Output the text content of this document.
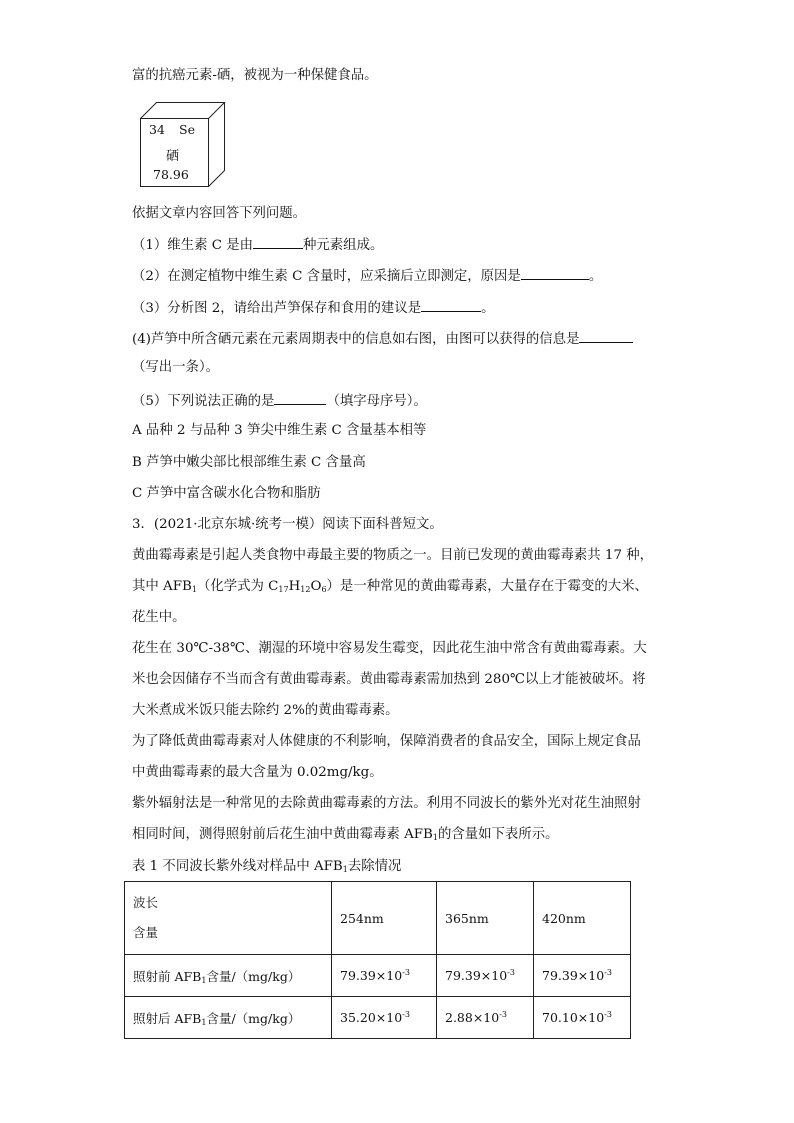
富的抗癌元素-硒，被视为一种保健食品。
34 Se
硒
78.96
依据文章内容回答下列问题。
（1）维生素 C 是由	种元素组成。
（2）在测定植物中维生素 C 含量时，应采摘后立即测定，原因是	。
（3）分析图 2，请给出芦笋保存和食用的建议是	。
(4)芦笋中所含硒元素在元素周期表中的信息如右图，由图可以获得的信息是
（写出一条）。
（5）下列说法正确的是	（填字母序号）。
A 品种 2 与品种 3 笋尖中维生素 C 含量基本相等
B 芦笋中嫩尖部比根部维生素 C 含量高
C 芦笋中富含碳水化合物和脂肪
3．(2021·北京东城·统考一模）阅读下面科普短文。
黄曲霉毒素是引起人类食物中毒最主要的物质之一。目前已发现的黄曲霉毒素共 17 种，
其中 $AFB_1$（化学式为 $C_{17}H_{12}O_6$）是一种常见的黄曲霉毒素，大量存在于霉变的大米、
花生中。
花生在 30℃-38℃、潮湿的环境中容易发生霉变，因此花生油中常含有黄曲霉毒素。大
米也会因储存不当而含有黄曲霉毒素。黄曲霉毒素需加热到 280℃以上才能被破坏。将
大米煮成米饭只能去除约 2%的黄曲霉毒素。
为了降低黄曲霉毒素对人体健康的不利影响，保障消费者的食品安全，国际上规定食品
中黄曲霉毒素的最大含量为 0.02mg/kg。
紫外辐射法是一种常见的去除黄曲霉毒素的方法。利用不同波长的紫外光对花生油照射
相同时间，测得照射前后花生油中黄曲霉毒素 $AFB_1$的含量如下表所示。
表 1 不同波长紫外线对样品中 $AFB_1$去除情况
波长
含量	254nm	365nm	420nm
照射前 $AFB_1$含量/（mg/kg）	$79.39\times 10^{-3}$	$79.39\times 10^{-3}$	$79.39\times 10^{-3}$
照射后 $AFB_1$含量/（mg/kg）	$35.20\times 10^{-3}$	$2.88\times 10^{-3}$	$70.10\times 10^{-3}$
